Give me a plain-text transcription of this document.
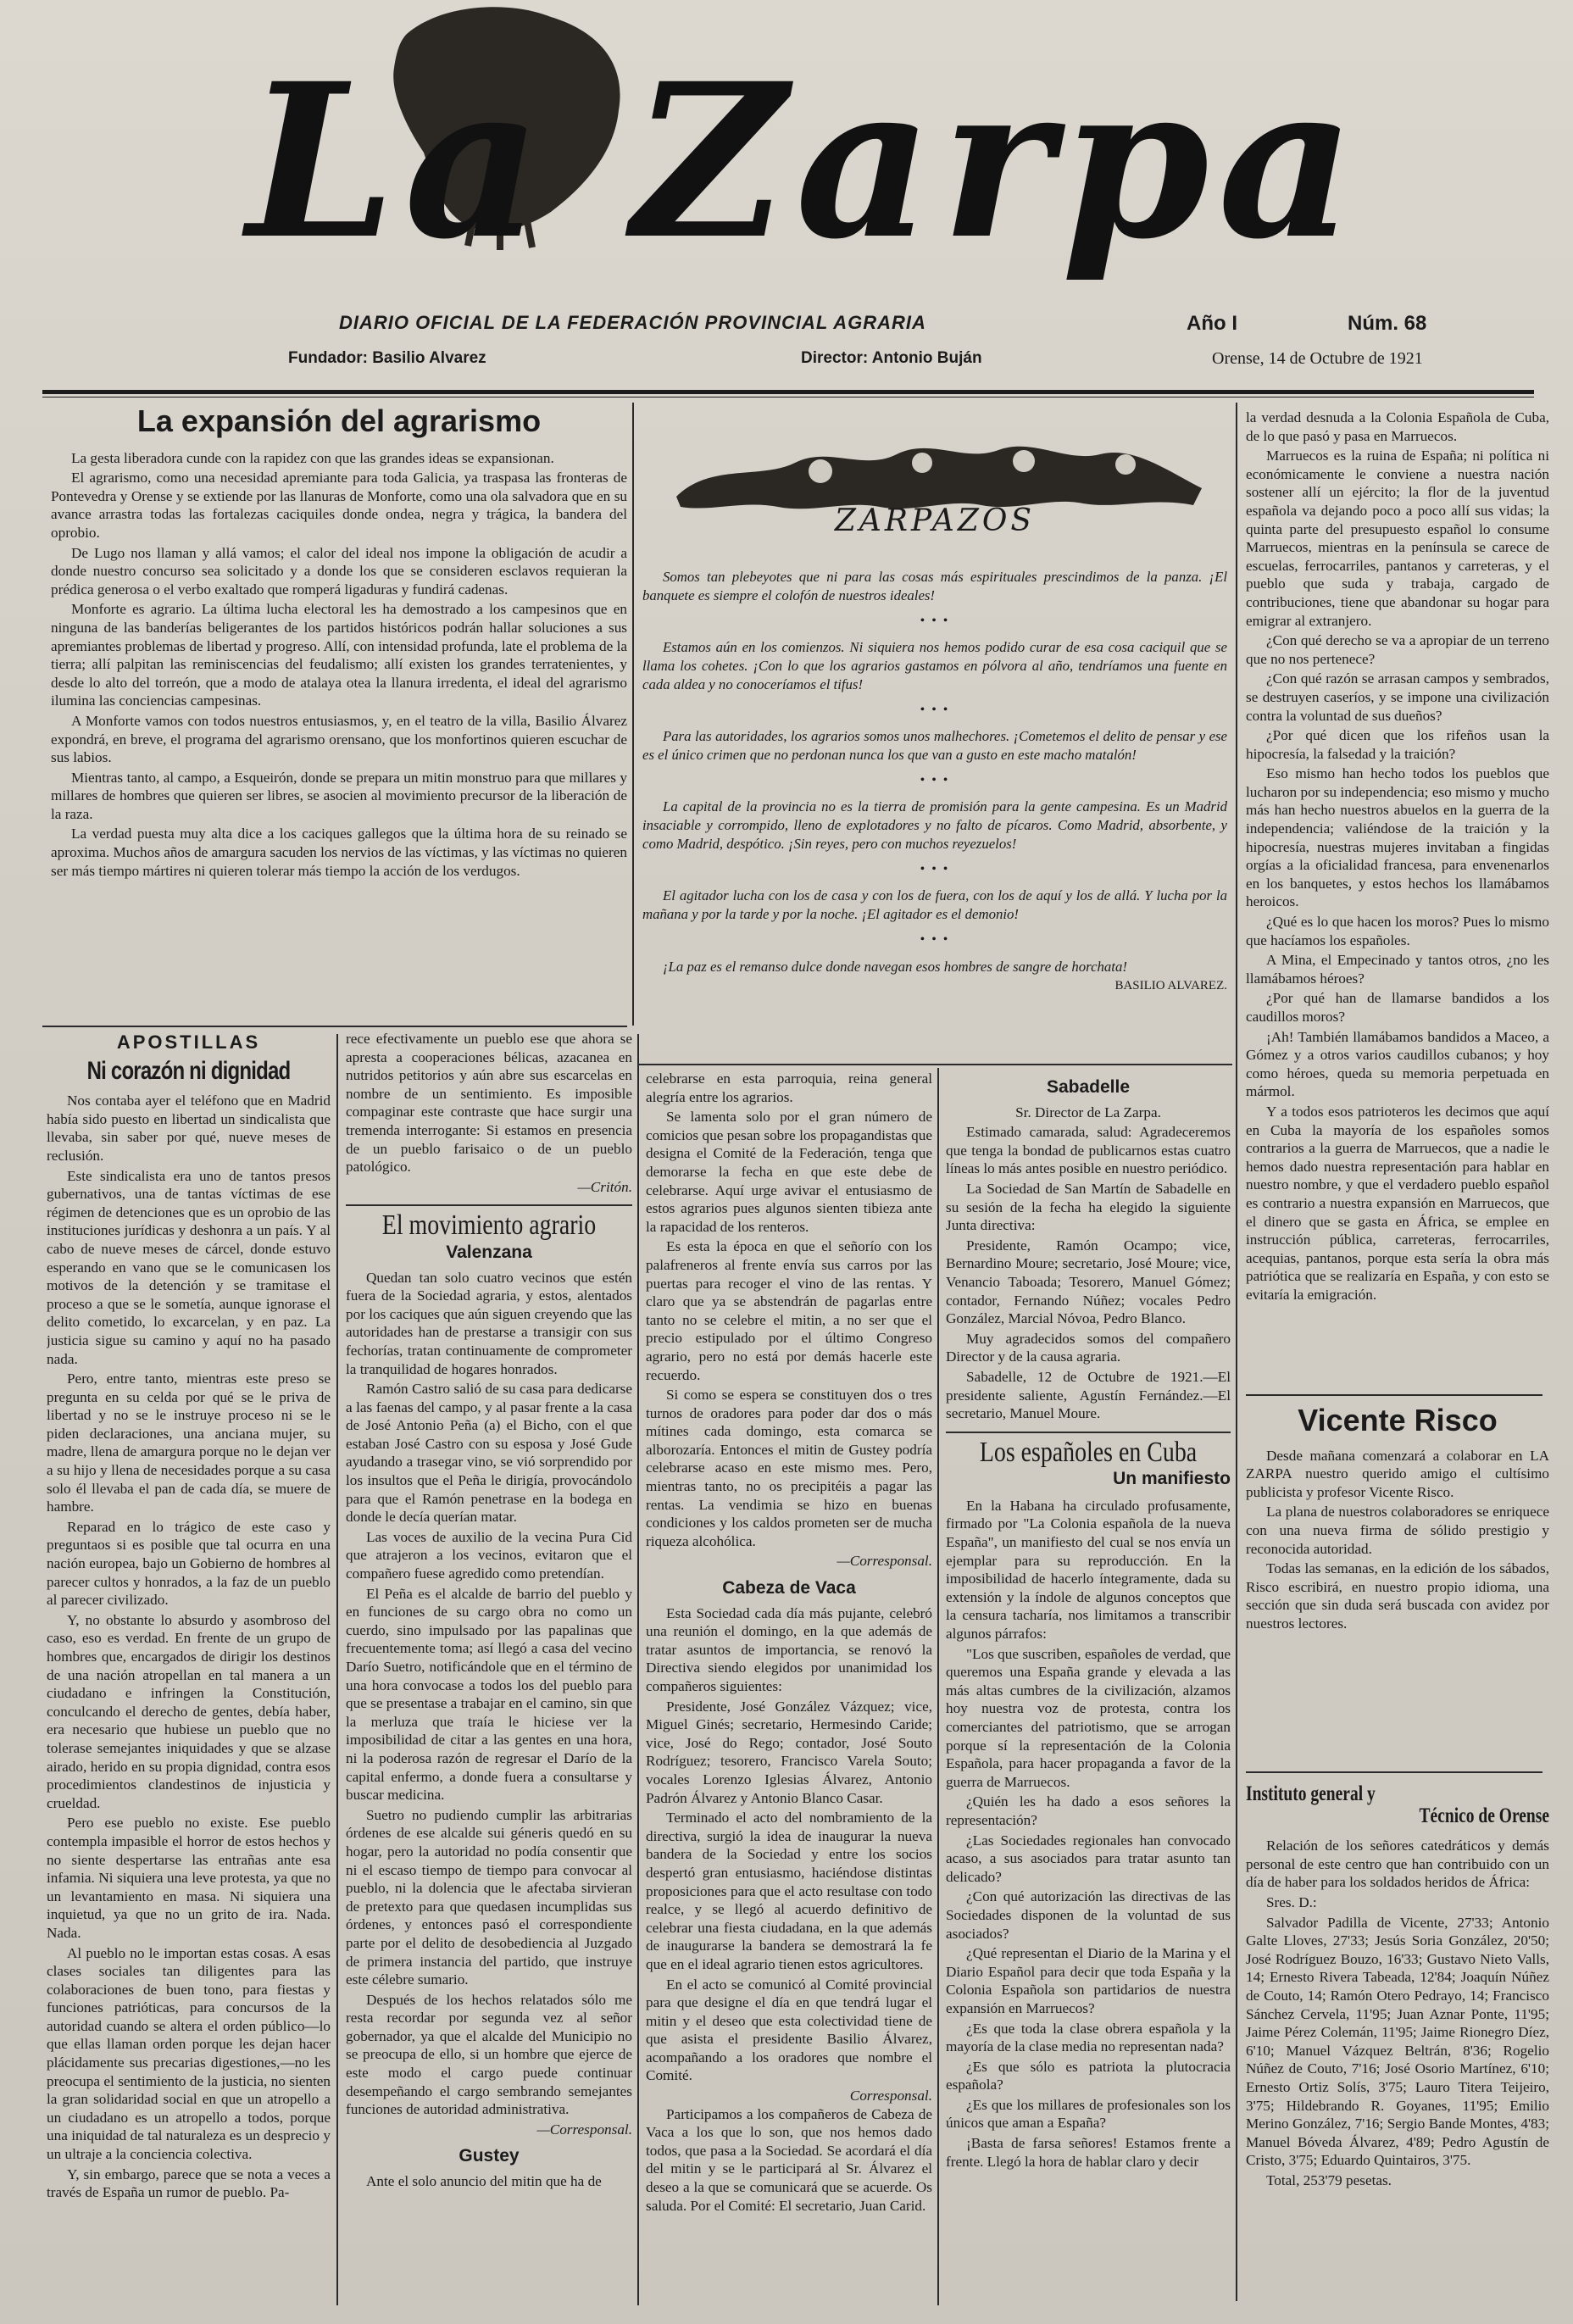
La Zarpa
DIARIO OFICIAL DE LA FEDERACIÓN PROVINCIAL AGRARIA	Año I	Núm. 68
Fundador: Basilio Alvarez	Director: Antonio Buján	Orense, 14 de Octubre de 1921
La expansión del agrarismo

La gesta liberadora cunde con la rapidez con que las grandes ideas se expansionan.

El agrarismo, como una necesidad apremiante para toda Galicia, ya traspasa las fronteras de Pontevedra y Orense y se extiende por las llanuras de Monforte, como una ola salvadora que en su avance arrastra todas las fortalezas caciquiles donde ondea, negra y trágica, la bandera del oprobio.

De Lugo nos llaman y allá vamos; el calor del ideal nos impone la obligación de acudir a donde nuestro concurso sea solicitado y a donde los que se consideren esclavos requieran la prédica generosa o el verbo exaltado que romperá ligaduras y fundirá cadenas.

Monforte es agrario. La última lucha electoral les ha demostrado a los campesinos que en ninguna de las banderías beligerantes de los partidos históricos podrán hallar soluciones a sus apremiantes problemas de libertad y progreso. Allí, con intensidad profunda, late el problema de la tierra; allí palpitan las reminiscencias del feudalismo; allí existen los grandes terratenientes, y desde lo alto del torreón, que a modo de atalaya otea la llanura irredenta, el ideal del agrarismo ilumina las conciencias campesinas.

A Monforte vamos con todos nuestros entusiasmos, y, en el teatro de la villa, Basilio Álvarez expondrá, en breve, el programa del agrarismo orensano, que los monfortinos quieren escuchar de sus labios.

Mientras tanto, al campo, a Esqueirón, donde se prepara un mitin monstruo para que millares y millares de hombres que quieren ser libres, se asocien al movimiento precursor de la liberación de la raza.

La verdad puesta muy alta dice a los caciques gallegos que la última hora de su reinado se aproxima. Muchos años de amargura sacuden los nervios de las víctimas, y las víctimas no quieren ser más tiempo mártires ni quieren tolerar más tiempo la acción de los verdugos.

ZARPAZOS

Somos tan plebeyotes que ni para las cosas más espirituales prescindimos de la panza. ¡El banquete es siempre el colofón de nuestros ideales!

• • •

Estamos aún en los comienzos. Ni siquiera nos hemos podido curar de esa cosa caciquil que se llama los cohetes. ¡Con lo que los agrarios gastamos en pólvora al año, tendríamos una fuente en cada aldea y no conoceríamos el tifus!

• • •

Para las autoridades, los agrarios somos unos malhechores. ¡Cometemos el delito de pensar y ese es el único crimen que no perdonan nunca los que van a gusto en este macho matalón!

• • •

La capital de la provincia no es la tierra de promisión para la gente campesina. Es un Madrid insaciable y corrompido, lleno de explotadores y no falto de pícaros. Como Madrid, absorbente, y como Madrid, despótico. ¡Sin reyes, pero con muchos reyezuelos!

• • •

El agitador lucha con los de casa y con los de fuera, con los de aquí y los de allá. Y lucha por la mañana y por la tarde y por la noche. ¡El agitador es el demonio!

• • •

¡La paz es el remanso dulce donde navegan esos hombres de sangre de horchata!

BASILIO ALVAREZ.

la verdad desnuda a la Colonia Española de Cuba, de lo que pasó y pasa en Marruecos.

Marruecos es la ruina de España; ni política ni económicamente le conviene a nuestra nación sostener allí un ejército; la flor de la juventud española va dejando poco a poco allí sus vidas; la quinta parte del presupuesto español lo consume Marruecos, mientras en la península se carece de escuelas, ferrocarriles, pantanos y carreteras, y el pueblo que suda y trabaja, cargado de contribuciones, tiene que abandonar su hogar para emigrar al extranjero.

¿Con qué derecho se va a apropiar de un terreno que no nos pertenece?

¿Con qué razón se arrasan campos y sembrados, se destruyen caseríos, y se impone una civilización contra la voluntad de sus dueños?

¿Por qué dicen que los rifeños usan la hipocresía, la falsedad y la traición?

Eso mismo han hecho todos los pueblos que lucharon por su independencia; eso mismo y mucho más han hecho nuestros abuelos en la guerra de la independencia; valiéndose de la traición y la hipocresía, nuestras mujeres invitaban a fingidas orgías a la oficialidad francesa, para envenenarlos en los banquetes, y estos hechos los llamábamos heroicos.

¿Qué es lo que hacen los moros? Pues lo mismo que hacíamos los españoles.

A Mina, el Empecinado y tantos otros, ¿no les llamábamos héroes?

¿Por qué han de llamarse bandidos a los caudillos moros?

¡Ah! También llamábamos bandidos a Maceo, a Gómez y a otros varios caudillos cubanos; y hoy como héroes, queda su memoria perpetuada en mármol.

Y a todos esos patrioteros les decimos que aquí en Cuba la mayoría de los españoles somos contrarios a la guerra de Marruecos, que a nadie le hemos dado nuestra representación para hablar en nuestro nombre, y que el verdadero pueblo español es contrario a nuestra expansión en Marruecos, que el dinero que se gasta en África, se emplee en instrucción pública, carreteras, ferrocarriles, acequias, pantanos, porque esta sería la obra más patriótica que se realizaría en España, y con esto se evitaría la emigración.

Vicente Risco

Desde mañana comenzará a colaborar en LA ZARPA nuestro querido amigo el cultísimo publicista y profesor Vicente Risco.

La plana de nuestros colaboradores se enriquece con una nueva firma de sólido prestigio y reconocida autoridad.

Todas las semanas, en la edición de los sábados, Risco escribirá, en nuestro propio idioma, una sección que sin duda será buscada con avidez por nuestros lectores.

Instituto general y
Técnico de Orense

Relación de los señores catedráticos y demás personal de este centro que han contribuido con un día de haber para los soldados heridos de África:

Sres. D.:

Salvador Padilla de Vicente, 27'33; Antonio Galte Lloves, 27'33; Jesús Soria González, 20'50; José Rodríguez Bouzo, 16'33; Gustavo Nieto Valls, 14; Ernesto Rivera Tabeada, 12'84; Joaquín Núñez de Couto, 14; Ramón Otero Pedrayo, 14; Francisco Sánchez Cervela, 11'95; Juan Aznar Ponte, 11'95; Jaime Pérez Colemán, 11'95; Jaime Rionegro Díez, 6'10; Manuel Vázquez Beltrán, 8'36; Rogelio Núñez de Couto, 7'16; José Osorio Martínez, 6'10; Ernesto Ortiz Solís, 3'75; Lauro Titera Teijeiro, 3'75; Hildebrando R. Goyanes, 11'95; Emilio Merino González, 7'16; Sergio Bande Montes, 4'83; Manuel Bóveda Álvarez, 4'89; Pedro Agustín de Cristo, 3'75; Eduardo Quintairos, 3'75.

Total, 253'79 pesetas.

APOSTILLAS
Ni corazón ni dignidad

Nos contaba ayer el teléfono que en Madrid había sido puesto en libertad un sindicalista que llevaba, sin saber por qué, nueve meses de reclusión.

Este sindicalista era uno de tantos presos gubernativos, una de tantas víctimas de ese régimen de detenciones que es un oprobio de las instituciones jurídicas y deshonra a un país. Y al cabo de nueve meses de cárcel, donde estuvo esperando en vano que se le comunicasen los motivos de la detención y se tramitase el proceso a que se le sometía, aunque ignorase el delito cometido, lo excarcelan, y en paz. La justicia sigue su camino y aquí no ha pasado nada.

Pero, entre tanto, mientras este preso se pregunta en su celda por qué se le priva de libertad y no se le instruye proceso ni se le piden declaraciones, una anciana mujer, su madre, llena de amargura porque no le dejan ver a su hijo y llena de necesidades porque a su casa solo él llevaba el pan de cada día, se muere de hambre.

Reparad en lo trágico de este caso y preguntaos si es posible que tal ocurra en una nación europea, bajo un Gobierno de hombres al parecer cultos y honrados, a la faz de un pueblo al parecer civilizado.

Y, no obstante lo absurdo y asombroso del caso, eso es verdad. En frente de un grupo de hombres que, encargados de dirigir los destinos de una nación atropellan en tal manera a un ciudadano e infringen la Constitución, conculcando el derecho de gentes, debía haber, era necesario que hubiese un pueblo que no tolerase semejantes iniquidades y que se alzase airado, herido en su propia dignidad, contra esos procedimientos clandestinos de injusticia y crueldad.

Pero ese pueblo no existe. Ese pueblo contempla impasible el horror de estos hechos y no siente despertarse las entrañas ante esa infamia. Ni siquiera una leve protesta, ya que no un levantamiento en masa. Ni siquiera una inquietud, ya que no un grito de ira. Nada. Nada.

Al pueblo no le importan estas cosas. A esas clases sociales tan diligentes para las colaboraciones de buen tono, para fiestas y funciones patrióticas, para concursos de la autoridad cuando se altera el orden público—lo que ellas llaman orden porque les dejan hacer plácidamente sus precarias digestiones,—no les preocupa el sentimiento de la justicia, no sienten la gran solidaridad social en que un atropello a un ciudadano es un atropello a todos, porque una iniquidad de tal naturaleza es un desprecio y un ultraje a la conciencia colectiva.

Y, sin embargo, parece que se nota a veces a través de España un rumor de pueblo. Pa-

rece efectivamente un pueblo ese que ahora se apresta a cooperaciones bélicas, azacanea en nutridos petitorios y aún abre sus escarcelas en nombre de un sentimiento. Es imposible compaginar este contraste que hace surgir una tremenda interrogante: Si estamos en presencia de un pueblo farisaico o de un pueblo patológico.

—Critón.
El movimiento agrario
Valenzana

Quedan tan solo cuatro vecinos que estén fuera de la Sociedad agraria, y estos, alentados por los caciques que aún siguen creyendo que las autoridades han de prestarse a transigir con sus fechorías, tratan continuamente de comprometer la tranquilidad de hogares honrados.

Ramón Castro salió de su casa para dedicarse a las faenas del campo, y al pasar frente a la casa de José Antonio Peña (a) el Bicho, con el que estaban José Castro con su esposa y José Gude ayudando a trasegar vino, se vió sorprendido por los insultos que el Peña le dirigía, provocándolo para que el Ramón penetrase en la bodega en donde le decía querían matar.

Las voces de auxilio de la vecina Pura Cid que atrajeron a los vecinos, evitaron que el compañero fuese agredido como pretendían.

El Peña es el alcalde de barrio del pueblo y en funciones de su cargo obra no como un cuerdo, sino impulsado por las papalinas que frecuentemente toma; así llegó a casa del vecino Darío Suetro, notificándole que en el término de una hora convocase a todos los del pueblo para que se presentase a trabajar en el camino, sin que la merluza que traía le hiciese ver la imposibilidad de citar a las gentes en una hora, ni la poderosa razón de regresar el Darío de la capital enfermo, a donde fuera a consultarse y buscar medicina.

Suetro no pudiendo cumplir las arbitrarias órdenes de ese alcalde sui géneris quedó en su hogar, pero la autoridad no podía consentir que ni el escaso tiempo de tiempo para convocar al pueblo, ni la dolencia que le afectaba sirvieran de pretexto para que quedasen incumplidas sus órdenes, y entonces pasó el correspondiente parte por el delito de desobediencia al Juzgado de primera instancia del partido, que instruye este célebre sumario.

Después de los hechos relatados sólo me resta recordar por segunda vez al señor gobernador, ya que el alcalde del Municipio no se preocupa de ello, si un hombre que ejerce de este modo el cargo puede continuar desempeñando el cargo sembrando semejantes funciones de autoridad administrativa.

—Corresponsal.
Gustey

Ante el solo anuncio del mitin que ha de

celebrarse en esta parroquia, reina general alegría entre los agrarios.

Se lamenta solo por el gran número de comicios que pesan sobre los propagandistas que designa el Comité de la Federación, tenga que demorarse la fecha en que este debe de celebrarse. Aquí urge avivar el entusiasmo de estos agrarios pues algunos sienten tibieza ante la rapacidad de los renteros.

Es esta la época en que el señorío con los palafreneros al frente envía sus carros por las puertas para recoger el vino de las rentas. Y claro que ya se abstendrán de pagarlas entre tanto no se celebre el mitin, a no ser que el precio estipulado por el último Congreso agrario, pero no está por demás hacerle este recuerdo.

Si como se espera se constituyen dos o tres turnos de oradores para poder dar dos o más mítines cada domingo, esta comarca se alborozaría. Entonces el mitin de Gustey podría celebrarse acaso en este mismo mes. Pero, mientras tanto, no os precipitéis a pagar las rentas. La vendimia se hizo en buenas condiciones y los caldos prometen ser de mucha riqueza alcohólica.

—Corresponsal.
Cabeza de Vaca

Esta Sociedad cada día más pujante, celebró una reunión el domingo, en la que además de tratar asuntos de importancia, se renovó la Directiva siendo elegidos por unanimidad los compañeros siguientes:

Presidente, José González Vázquez; vice, Miguel Ginés; secretario, Hermesindo Caride; vice, José do Rego; contador, José Souto Rodríguez; tesorero, Francisco Varela Souto; vocales Lorenzo Iglesias Álvarez, Antonio Padrón Álvarez y Antonio Blanco Casar.

Terminado el acto del nombramiento de la directiva, surgió la idea de inaugurar la nueva bandera de la Sociedad y entre los socios despertó gran entusiasmo, haciéndose distintas proposiciones para que el acto resultase con todo realce, y se llegó al acuerdo definitivo de celebrar una fiesta ciudadana, en la que además de inaugurarse la bandera se demostrará la fe que en el ideal agrario tienen estos agricultores.

En el acto se comunicó al Comité provincial para que designe el día en que tendrá lugar el mitin y el deseo que esta colectividad tiene de que asista el presidente Basilio Álvarez, acompañando a los oradores que nombre el Comité.

Corresponsal.

Participamos a los compañeros de Cabeza de Vaca a los que lo son, que nos hemos dado todos, que pasa a la Sociedad. Se acordará el día del mitin y se le participará al Sr. Álvarez el deseo a la que se comunicará que se acuerde. Os saluda. Por el Comité: El secretario, Juan Carid.

Sabadelle

Sr. Director de La Zarpa.

Estimado camarada, salud: Agradeceremos que tenga la bondad de publicarnos estas cuatro líneas lo más antes posible en nuestro periódico.

La Sociedad de San Martín de Sabadelle en su sesión de la fecha ha elegido la siguiente Junta directiva:

Presidente, Ramón Ocampo; vice, Bernardino Moure; secretario, José Moure; vice, Venancio Taboada; Tesorero, Manuel Gómez; contador, Fernando Núñez; vocales Pedro González, Marcial Nóvoa, Pedro Blanco.

Muy agradecidos somos del compañero Director y de la causa agraria.

Sabadelle, 12 de Octubre de 1921.—El presidente saliente, Agustín Fernández.—El secretario, Manuel Moure.

Los españoles en Cuba
Un manifiesto

En la Habana ha circulado profusamente, firmado por "La Colonia española de la nueva España", un manifiesto del cual se nos envía un ejemplar para su reproducción. En la imposibilidad de hacerlo íntegramente, dada su extensión y la índole de algunos conceptos que la censura tacharía, nos limitamos a transcribir algunos párrafos:

"Los que suscriben, españoles de verdad, que queremos una España grande y elevada a las más altas cumbres de la civilización, alzamos hoy nuestra voz de protesta, contra los comerciantes del patriotismo, que se arrogan porque sí la representación de la Colonia Española, para hacer propaganda a favor de la guerra de Marruecos.

¿Quién les ha dado a esos señores la representación?

¿Las Sociedades regionales han convocado acaso, a sus asociados para tratar asunto tan delicado?

¿Con qué autorización las directivas de las Sociedades disponen de la voluntad de sus asociados?

¿Qué representan el Diario de la Marina y el Diario Español para decir que toda España y la Colonia Española son partidarios de nuestra expansión en Marruecos?

¿Es que toda la clase obrera española y la mayoría de la clase media no representan nada?

¿Es que sólo es patriota la plutocracia española?

¿Es que los millares de profesionales son los únicos que aman a España?

¡Basta de farsa señores! Estamos frente a frente. Llegó la hora de hablar claro y decir
